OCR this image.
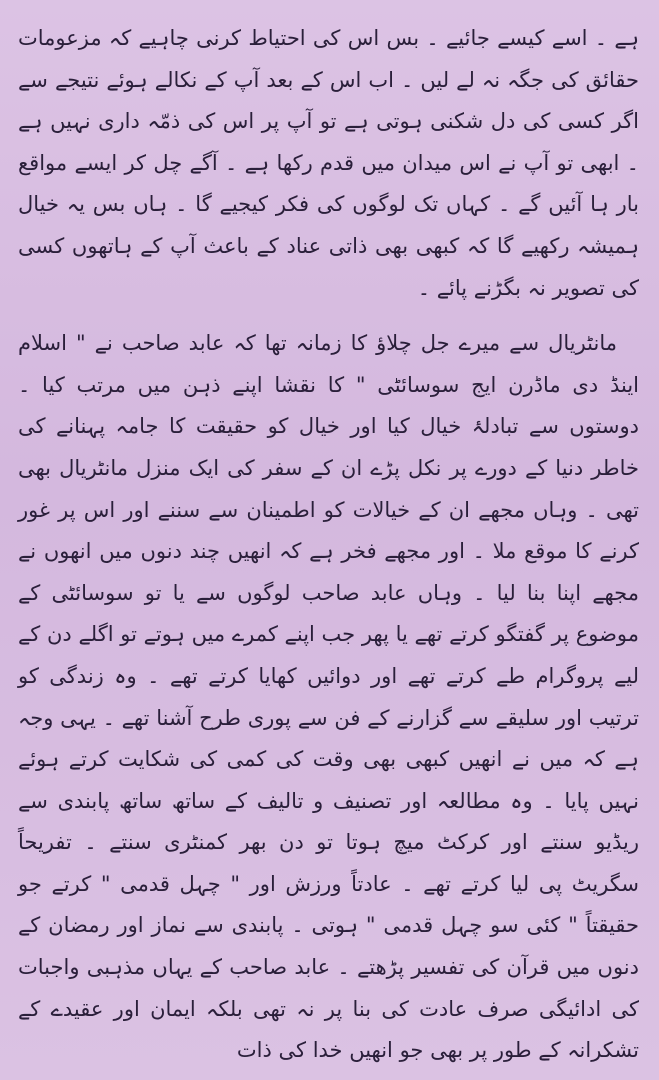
ہے ۔ اسے کیسے جائیے ۔ بس اس کی احتیاط کرنی چاہیے کہ مزعومات حقائق کی جگہ نہ لے لیں ۔ اب اس کے بعد آپ کے نکالے ہوئے نتیجے سے اگر کسی کی دل شکنی ہوتی ہے تو آپ پر اس کی ذمّہ داری نہیں ہے ۔ ابھی تو آپ نے اس میدان میں قدم رکھا ہے ۔ آگے چل کر ایسے مواقع بار ہا آئیں گے ۔ کہاں تک لوگوں کی فکر کیجیے گا ۔ ہاں بس یہ خیال ہمیشہ رکھیے گا کہ کبھی بھی ذاتی عناد کے باعث آپ کے ہاتھوں کسی کی تصویر نہ بگڑنے پائے ۔

مانٹریال سے میرے جل چلاؤ کا زمانہ تھا کہ عابد صاحب نے " اسلام اینڈ دی ماڈرن ایج سوسائٹی " کا نقشا اپنے ذہن میں مرتب کیا ۔ دوستوں سے تبادلۂ خیال کیا اور خیال کو حقیقت کا جامہ پہنانے کی خاطر دنیا کے دورے پر نکل پڑے ان کے سفر کی ایک منزل مانٹریال بھی تھی ۔ وہاں مجھے ان کے خیالات کو اطمینان سے سننے اور اس پر غور کرنے کا موقع ملا ۔ اور مجھے فخر ہے کہ انھیں چند دنوں میں انھوں نے مجھے اپنا بنا لیا ۔ وہاں عابد صاحب لوگوں سے یا تو سوسائٹی کے موضوع پر گفتگو کرتے تھے یا پھر جب اپنے کمرے میں ہوتے تو اگلے دن کے لیے پروگرام طے کرتے تھے اور دوائیں کھایا کرتے تھے ۔ وہ زندگی کو ترتیب اور سلیقے سے گزارنے کے فن سے پوری طرح آشنا تھے ۔ یہی وجہ ہے کہ میں نے انھیں کبھی بھی وقت کی کمی کی شکایت کرتے ہوئے نہیں پایا ۔ وہ مطالعہ اور تصنیف و تالیف کے ساتھ ساتھ پابندی سے ریڈیو سنتے اور کرکٹ میچ ہوتا تو دن بھر کمنٹری سنتے ۔ تفریحاً سگریٹ پی لیا کرتے تھے ۔ عادتاً ورزش اور " چہل قدمی " کرتے جو حقیقتاً " کئی سو چہل قدمی " ہوتی ۔ پابندی سے نماز اور رمضان کے دنوں میں قرآن کی تفسیر پڑھتے ۔ عابد صاحب کے یہاں مذہبی واجبات کی ادائیگی صرف عادت کی بنا پر نہ تھی بلکہ ایمان اور عقیدے کے تشکرانہ کے طور پر بھی جو انھیں خدا کی ذات
